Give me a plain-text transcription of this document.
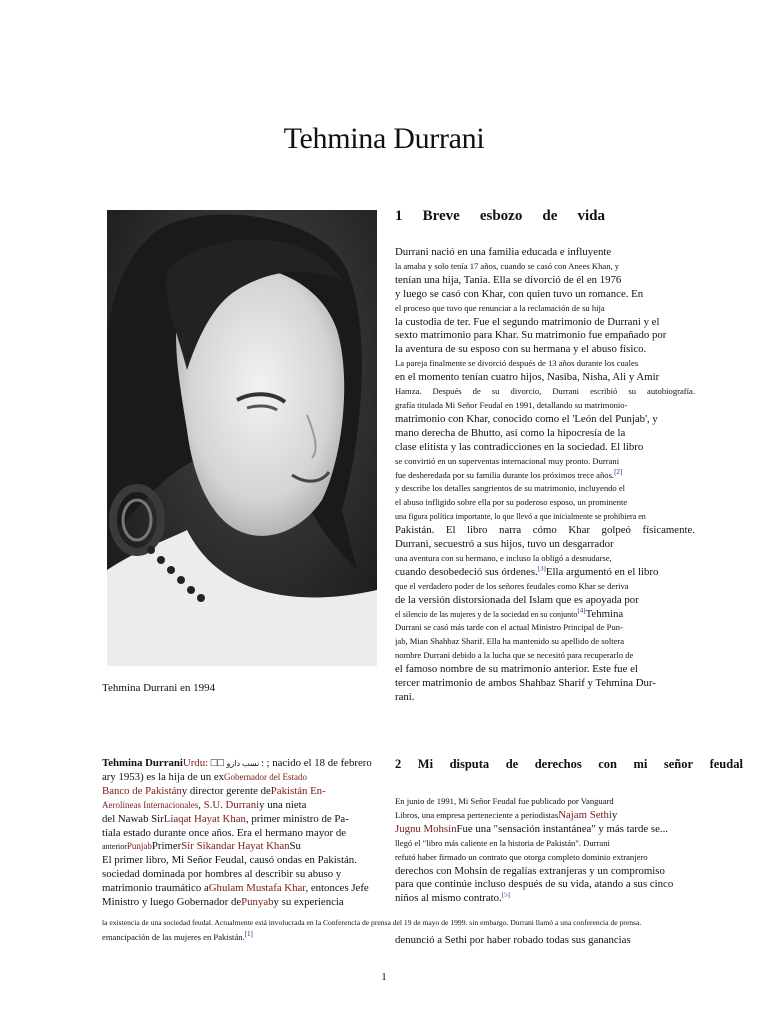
Tehmina Durrani
Tehmina Durrani en 1994
1 Breve esbozo de vida
Durrani nació en una familia educada e influyente
la amaba y solo tenía 17 años, cuando se casó con Anees Khan, y
tenían una hija, Tania. Ella se divorció de él en 1976
y luego se casó con Khar, con quien tuvo un romance. En
el proceso que tuvo que renunciar a la reclamación de su hija
la custodia de ter. Fue el segundo matrimonio de Durrani y el
sexto matrimonio para Khar. Su matrimonio fue empañado por
la aventura de su esposo con su hermana y el abuso físico.
La pareja finalmente se divorció después de 13 años durante los cuales
en el momento tenían cuatro hijos, Nasiba, Nisha, Ali y Amir
Hamza. Después de su divorcio, Durrani escribió su autobiografía.
grafía titulada Mi Señor Feudal en 1991, detallando su matrimonio-
matrimonio con Khar, conocido como el 'León del Punjab', y
mano derecha de Bhutto, así como la hipocresía de la
clase elitista y las contradicciones en la sociedad. El libro
se convirtió en un superventas internacional muy pronto. Durrani
fue desheredada por su familia durante los próximos trece años.[2]
y describe los detalles sangrientos de su matrimonio, incluyendo el
el abuso infligido sobre ella por su poderoso esposo, un prominente
una figura política importante, lo que llevó a que inicialmente se prohibiera en
Pakistán. El libro narra cómo Khar golpeó físicamente.
Durrani, secuestró a sus hijos, tuvo un desgarrador
una aventura con su hermano, e incluso la obligó a desnudarse,
cuando desobedeció sus órdenes.[3]Ella argumentó en el libro
que el verdadero poder de los señores feudales como Khar se deriva
de la versión distorsionada del Islam que es apoyada por
el silencio de las mujeres y de la sociedad en su conjunto[4]Tehmina
Durrani se casó más tarde con el actual Ministro Principal de Pun-
jab, Mian Shahbaz Sharif. Ella ha mantenido su apellido de soltera
nombre Durrani debido a la lucha que se necesitó para recuperarlo de
el famoso nombre de su matrimonio anterior. Este fue el
tercer matrimonio de ambos Shahbaz Sharif y Tehmina Dur-
rani.
2 Mi disputa de derechos con mi señor feudal
En junio de 1991, Mi Señor Feudal fue publicado por Vanguard
Libros, una empresa perteneciente a periodistasNajam Sethiy
Jugnu MohsinFue una "sensación instantánea" y más tarde se...
llegó el "libro más caliente en la historia de Pakistán". Durrani
refutó haber firmado un contrato que otorga completo dominio extranjero
derechos con Mohsin de regalías extranjeras y un compromiso
para que continúe incluso después de su vida, atando a sus cinco
niños al mismo contrato.[5]
la existencia de una sociedad feudal. Actualmente está involucrada en la Conferencia de prensa del 19 de mayo de 1999. sin embargo. Durrani llamó a una conferencia de prensa.
denunció a Sethi por haber robado todas sus ganancias
Tehmina DurraniUrdu: □□ ؛ نسب دارو ; nacido el 18 de febrero
ary 1953) es la hija de un exGobernador del Estado
Banco de Pakistány director gerente dePakistán En-
Aerolíneas Internacionales, S.U. Durraniy una nieta
del Nawab SirLiaqat Hayat Khan, primer ministro de Pa-
tiala estado durante once años. Era el hermano mayor de
anteriorPunjabPrimerSir Sikandar Hayat KhanSu
El primer libro, Mi Señor Feudal, causó ondas en Pakistán.
sociedad dominada por hombres al describir su abuso y
matrimonio traumático aGhulam Mustafa Khar, entonces Jefe
Ministro y luego Gobernador dePunyaby su experiencia
emancipación de las mujeres en Pakistán.[1]
1
